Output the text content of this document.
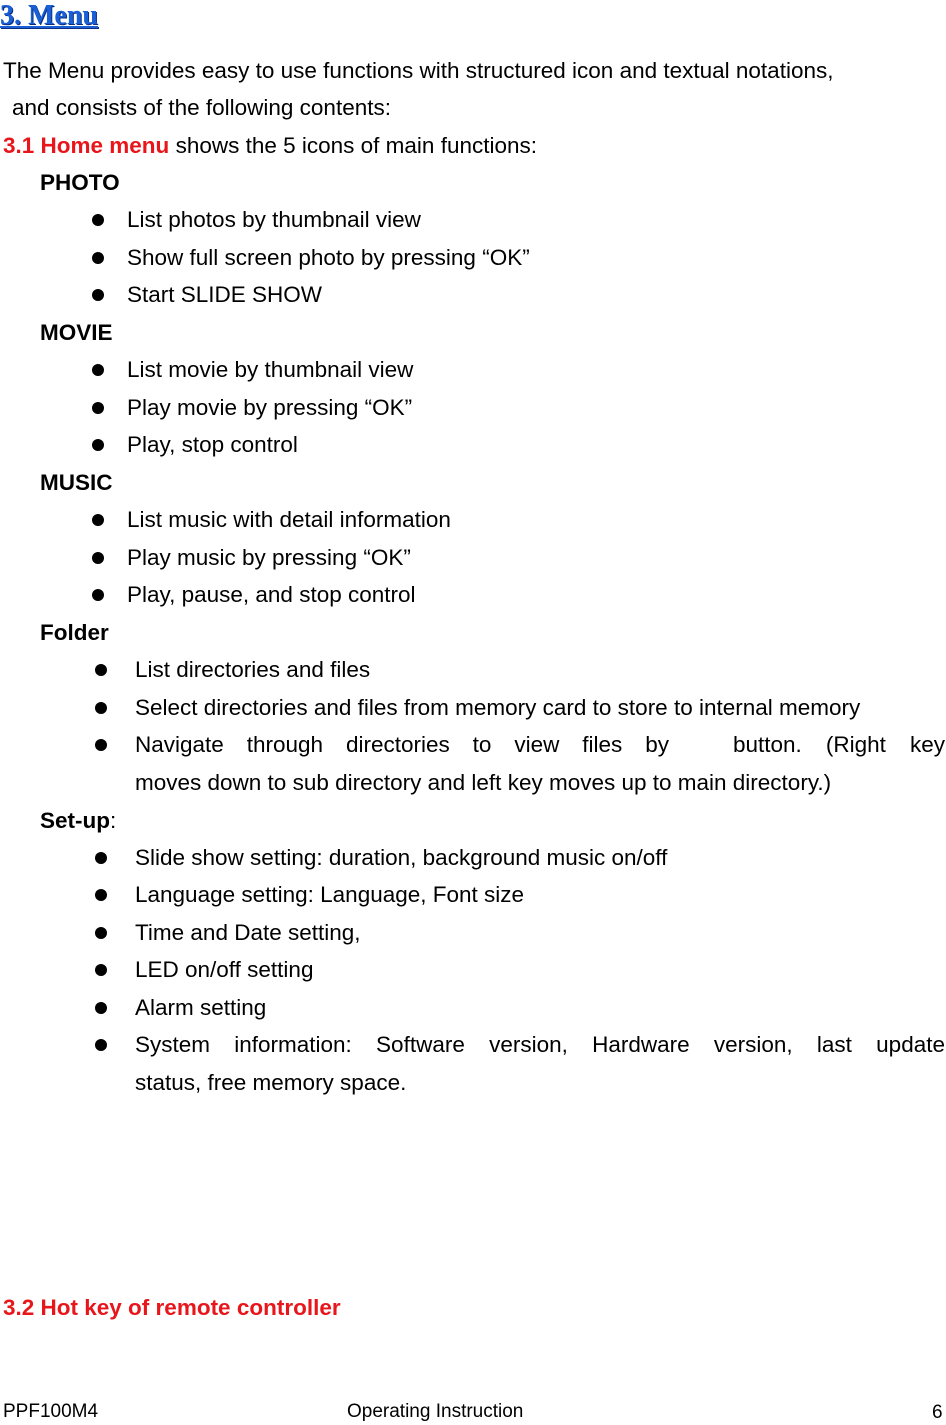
3. Menu
The Menu provides easy to use functions with structured icon and textual notations,
and consists of the following contents:
3.1 Home menu shows the 5 icons of main functions:
PHOTO
List photos by thumbnail view
Show full screen photo by pressing “OK”
Start SLIDE SHOW
MOVIE
List movie by thumbnail view
Play movie by pressing “OK”
Play, stop control
MUSIC
List music with detail information
Play music by pressing “OK”
Play, pause, and stop control
Folder
List directories and files
Select directories and files from memory card to store to internal memory
Navigate through directories to view files by	button. (Right key
moves down to sub directory and left key moves up to main directory.)
Set-up:
Slide show setting: duration, background music on/off
Language setting: Language, Font size
Time and Date setting,
LED on/off setting
Alarm setting
System information: Software version, Hardware version, last update
status, free memory space.
3.2 Hot key of remote controller
PPF100M4	Operating Instruction	6
